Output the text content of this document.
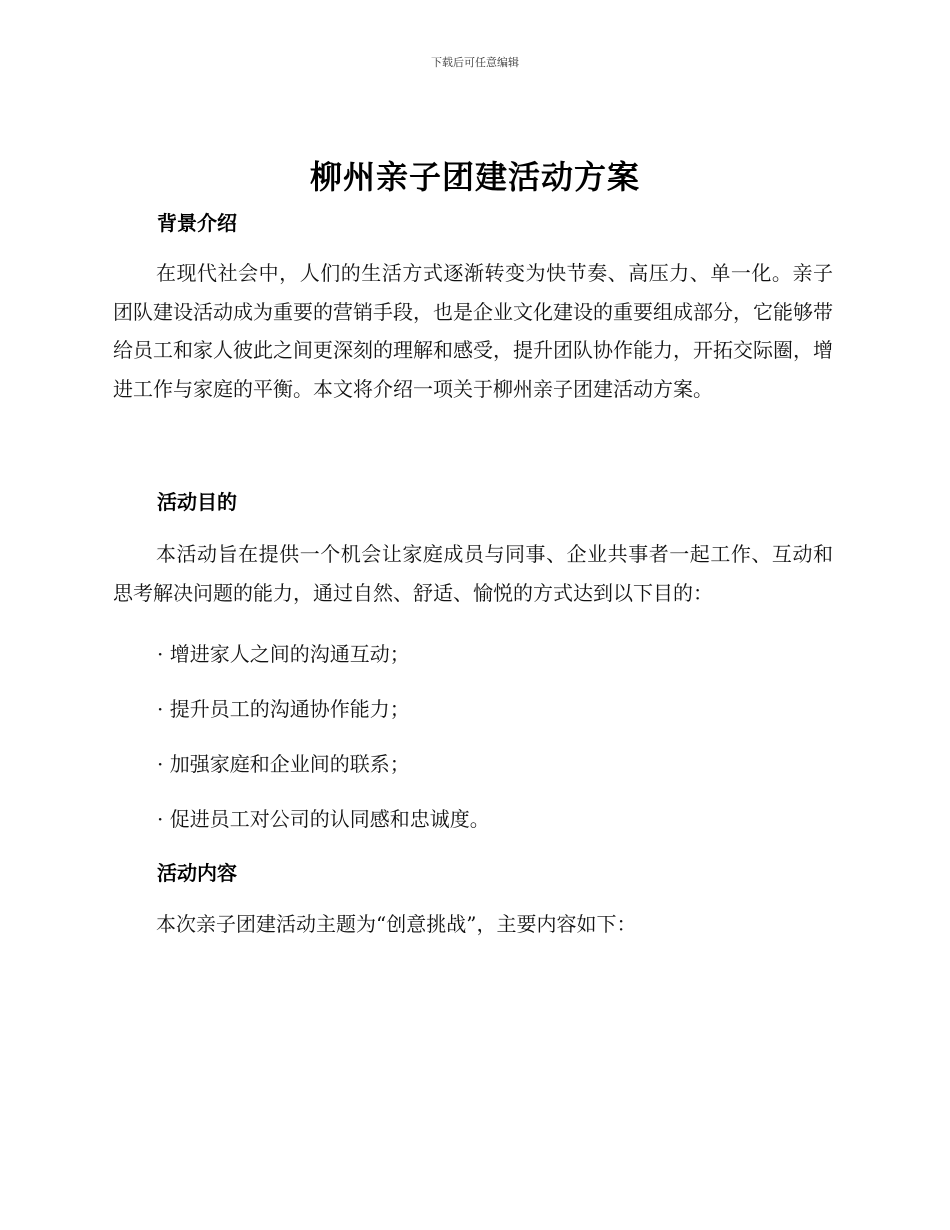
下载后可任意编辑
柳州亲子团建活动方案
背景介绍
在现代社会中，人们的生活方式逐渐转变为快节奏、高压力、单一化。亲子团队建设活动成为重要的营销手段，也是企业文化建设的重要组成部分，它能够带给员工和家人彼此之间更深刻的理解和感受，提升团队协作能力，开拓交际圈，增进工作与家庭的平衡。本文将介绍一项关于柳州亲子团建活动方案。
活动目的
本活动旨在提供一个机会让家庭成员与同事、企业共事者一起工作、互动和思考解决问题的能力，通过自然、舒适、愉悦的方式达到以下目的：
· 增进家人之间的沟通互动；
· 提升员工的沟通协作能力；
· 加强家庭和企业间的联系；
· 促进员工对公司的认同感和忠诚度。
活动内容
本次亲子团建活动主题为“创意挑战”，主要内容如下：
